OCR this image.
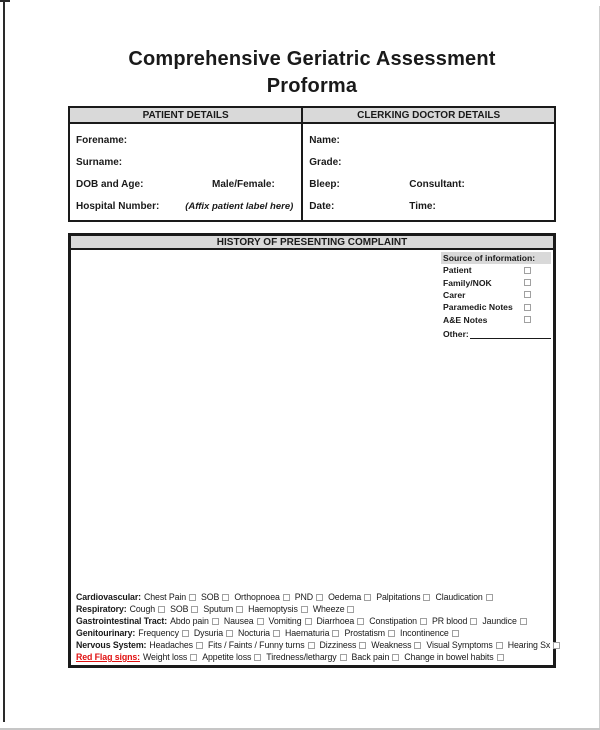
Comprehensive Geriatric Assessment
Proforma
PATIENT DETAILS
Forename:
Surname:
DOB and Age:	Male/Female:
Hospital Number:	(Affix patient label here)
CLERKING DOCTOR DETAILS
Name:
Grade:
Bleep:	Consultant:
Date:	Time:
HISTORY OF PRESENTING COMPLAINT
Source of information:
Patient
Family/NOK
Carer
Paramedic Notes
A&E Notes
Other:
Cardiovascular: Chest Pain SOB Orthopnoea PND Oedema Palpitations Claudication
Respiratory: Cough SOB Sputum Haemoptysis Wheeze
Gastrointestinal Tract: Abdo pain Nausea Vomiting Diarrhoea Constipation PR blood Jaundice
Genitourinary: Frequency Dysuria Nocturia Haematuria Prostatism Incontinence
Nervous System: Headaches Fits / Faints / Funny turns Dizziness Weakness Visual Symptoms Hearing Sx
Red Flag signs: Weight loss Appetite loss Tiredness/lethargy Back pain Change in bowel habits
